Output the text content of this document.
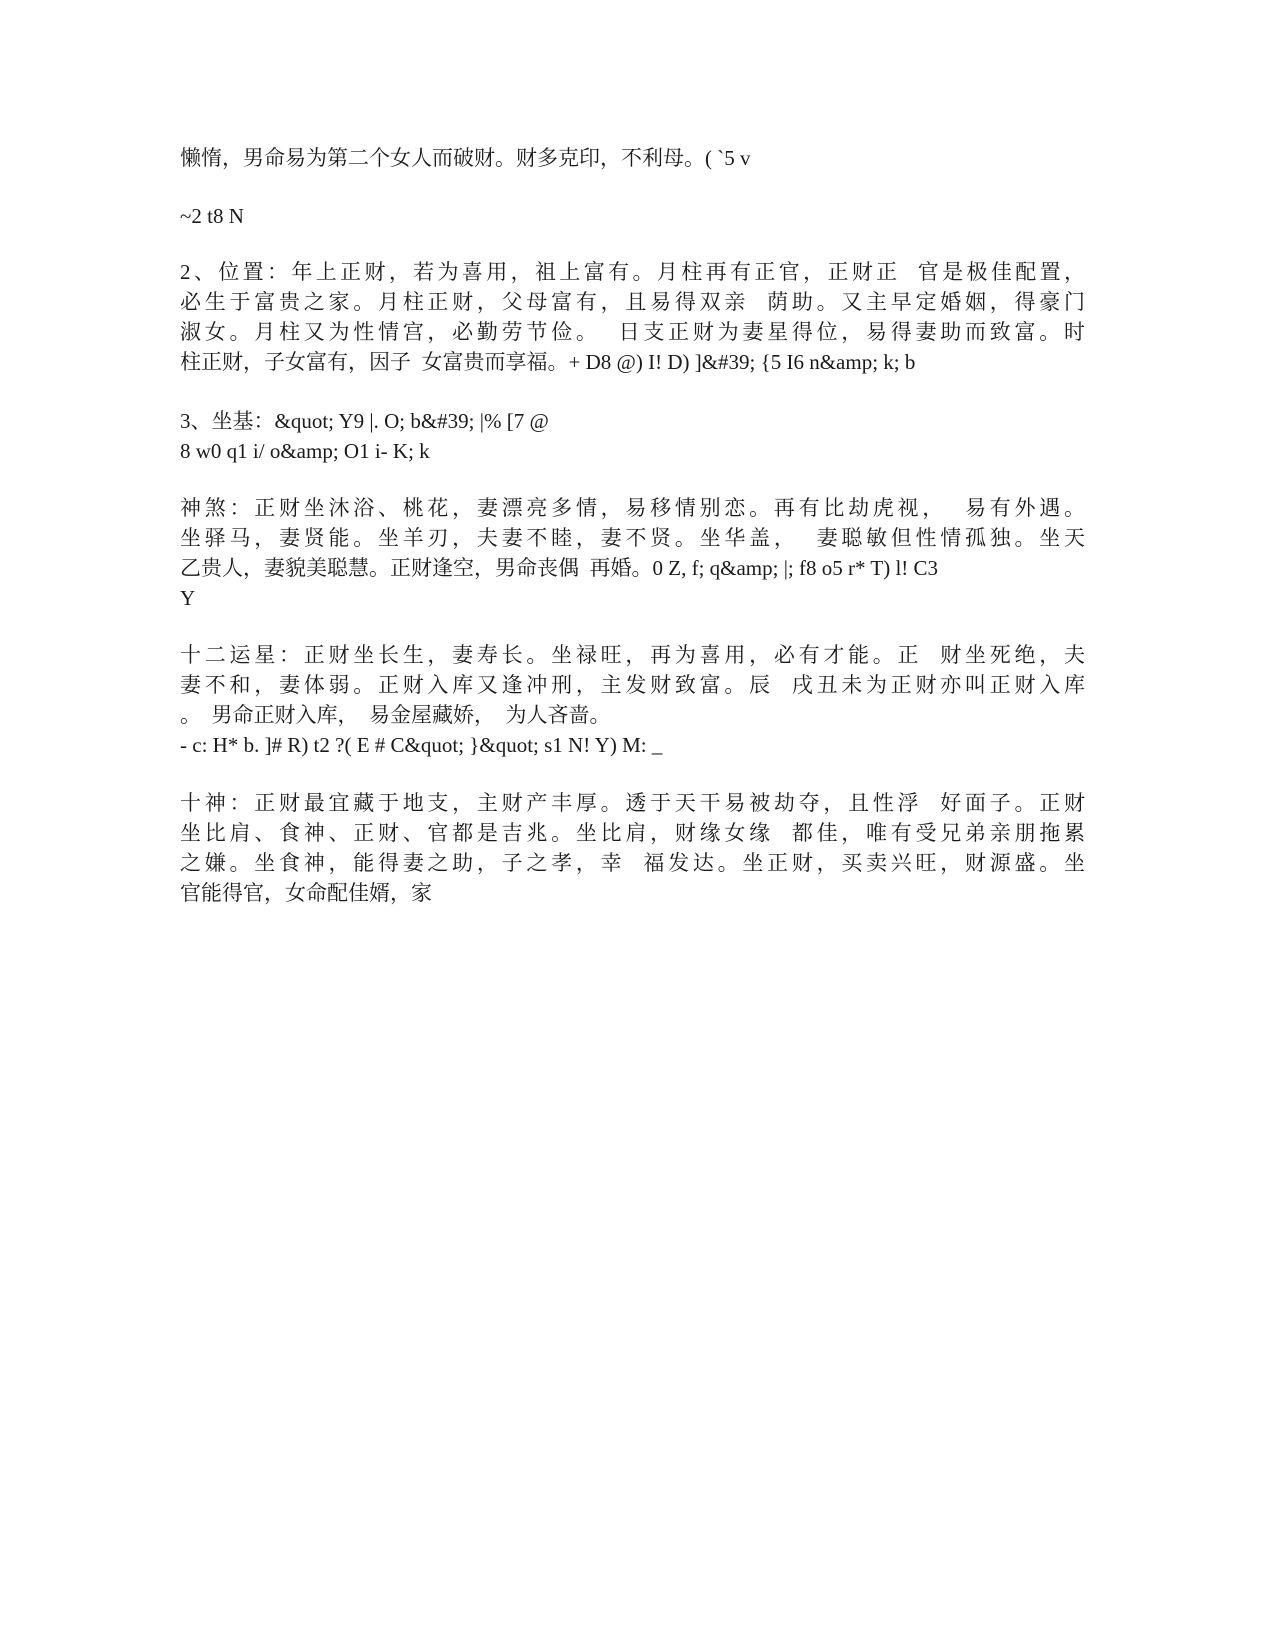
懒惰，男命易为第二个女人而破财。财多克印，不利母。( `5 v
~2 t8 N
2、位置：年上正财，若为喜用，祖上富有。月柱再有正官，正财正  官是极佳配置，
必生于富贵之家。月柱正财，父母富有，且易得双亲  荫助。又主早定婚姻，得豪门
淑女。月柱又为性情宫，必勤劳节俭。  日支正财为妻星得位，易得妻助而致富。时
柱正财，子女富有，因子  女富贵而享福。+ D8 @) I! D) ]&#39; {5 I6 n&amp; k; b
3、坐基：&quot; Y9 |. O; b&#39; |% [7 @
8 w0 q1 i/ o&amp; O1 i- K; k
神煞：正财坐沐浴、桃花，妻漂亮多情，易移情别恋。再有比劫虎视，  易有外遇。
坐驿马，妻贤能。坐羊刃，夫妻不睦，妻不贤。坐华盖，  妻聪敏但性情孤独。坐天
乙贵人，妻貌美聪慧。正财逢空，男命丧偶  再婚。0 Z, f; q&amp; |; f8 o5 r* T) l! C3
Y
十二运星：正财坐长生，妻寿长。坐禄旺，再为喜用，必有才能。正  财坐死绝，夫
妻不和，妻体弱。正财入库又逢冲刑，主发财致富。辰  戌丑未为正财亦叫正财入库
。  男命正财入库，  易金屋藏娇，  为人吝啬。
- c: H* b. ]# R) t2 ?( E # C&quot; }&quot; s1 N! Y) M: _
十神：正财最宜藏于地支，主财产丰厚。透于天干易被劫夺，且性浮  好面子。正财
坐比肩、食神、正财、官都是吉兆。坐比肩，财缘女缘  都佳，唯有受兄弟亲朋拖累
之嫌。坐食神，能得妻之助，子之孝，幸  福发达。坐正财，买卖兴旺，财源盛。坐
官能得官，女命配佳婿，家
